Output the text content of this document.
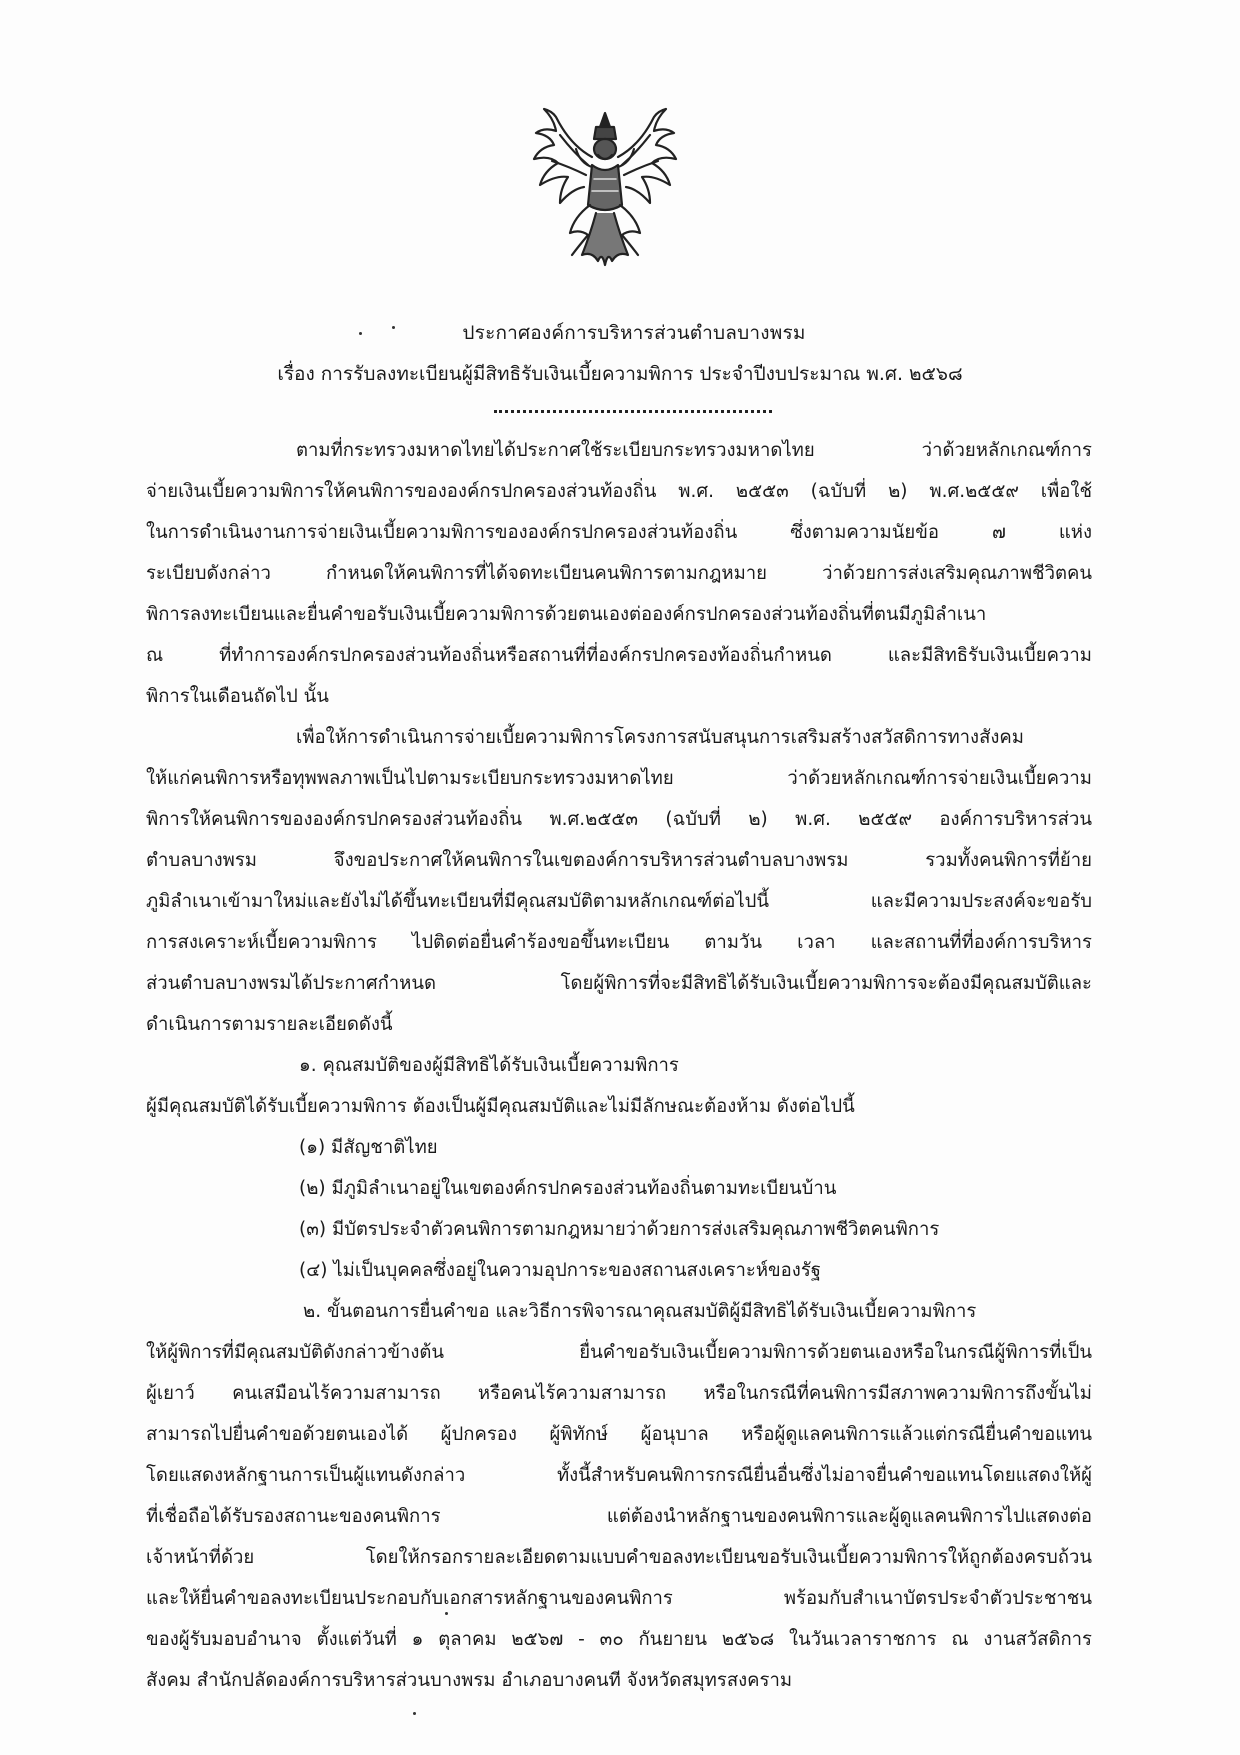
ประกาศองค์การบริหารส่วนตำบลบางพรม
เรื่อง การรับลงทะเบียนผู้มีสิทธิรับเงินเบี้ยความพิการ ประจำปีงบประมาณ พ.ศ. ๒๕๖๘

ตามที่กระทรวงมหาดไทยได้ประกาศใช้ระเบียบกระทรวงมหาดไทย ว่าด้วยหลักเกณฑ์การ

จ่ายเงินเบี้ยความพิการให้คนพิการขององค์กรปกครองส่วนท้องถิ่น พ.ศ. ๒๕๕๓ (ฉบับที่ ๒) พ.ศ.๒๕๕๙ เพื่อใช้

ในการดำเนินงานการจ่ายเงินเบี้ยความพิการขององค์กรปกครองส่วนท้องถิ่น ซึ่งตามความนัยข้อ ๗ แห่ง

ระเบียบดังกล่าว กำหนดให้คนพิการที่ได้จดทะเบียนคนพิการตามกฎหมาย ว่าด้วยการส่งเสริมคุณภาพชีวิตคน

พิการลงทะเบียนและยื่นคำขอรับเงินเบี้ยความพิการด้วยตนเองต่อองค์กรปกครองส่วนท้องถิ่นที่ตนมีภูมิลำเนา

ณ ที่ทำการองค์กรปกครองส่วนท้องถิ่นหรือสถานที่ที่องค์กรปกครองท้องถิ่นกำหนด และมีสิทธิรับเงินเบี้ยความ

พิการในเดือนถัดไป นั้น

เพื่อให้การดำเนินการจ่ายเบี้ยความพิการโครงการสนับสนุนการเสริมสร้างสวัสดิการทางสังคม

ให้แก่คนพิการหรือทุพพลภาพเป็นไปตามระเบียบกระทรวงมหาดไทย ว่าด้วยหลักเกณฑ์การจ่ายเงินเบี้ยความ

พิการให้คนพิการขององค์กรปกครองส่วนท้องถิ่น พ.ศ.๒๕๕๓ (ฉบับที่ ๒) พ.ศ. ๒๕๕๙ องค์การบริหารส่วน

ตำบลบางพรม จึงขอประกาศให้คนพิการในเขตองค์การบริหารส่วนตำบลบางพรม รวมทั้งคนพิการที่ย้าย

ภูมิลำเนาเข้ามาใหม่และยังไม่ได้ขึ้นทะเบียนที่มีคุณสมบัติตามหลักเกณฑ์ต่อไปนี้ และมีความประสงค์จะขอรับ

การสงเคราะห์เบี้ยความพิการ ไปติดต่อยื่นคำร้องขอขึ้นทะเบียน ตามวัน เวลา และสถานที่ที่องค์การบริหาร

ส่วนตำบลบางพรมได้ประกาศกำหนด โดยผู้พิการที่จะมีสิทธิได้รับเงินเบี้ยความพิการจะต้องมีคุณสมบัติและ

ดำเนินการตามรายละเอียดดังนี้

๑. คุณสมบัติของผู้มีสิทธิได้รับเงินเบี้ยความพิการ

ผู้มีคุณสมบัติได้รับเบี้ยความพิการ ต้องเป็นผู้มีคุณสมบัติและไม่มีลักษณะต้องห้าม ดังต่อไปนี้

(๑) มีสัญชาติไทย

(๒) มีภูมิลำเนาอยู่ในเขตองค์กรปกครองส่วนท้องถิ่นตามทะเบียนบ้าน

(๓) มีบัตรประจำตัวคนพิการตามกฎหมายว่าด้วยการส่งเสริมคุณภาพชีวิตคนพิการ

(๔) ไม่เป็นบุคคลซึ่งอยู่ในความอุปการะของสถานสงเคราะห์ของรัฐ

๒. ขั้นตอนการยื่นคำขอ และวิธีการพิจารณาคุณสมบัติผู้มีสิทธิได้รับเงินเบี้ยความพิการ

ให้ผู้พิการที่มีคุณสมบัติดังกล่าวข้างต้น ยื่นคำขอรับเงินเบี้ยความพิการด้วยตนเองหรือในกรณีผู้พิการที่เป็น

ผู้เยาว์ คนเสมือนไร้ความสามารถ หรือคนไร้ความสามารถ หรือในกรณีที่คนพิการมีสภาพความพิการถึงขั้นไม่

สามารถไปยื่นคำขอด้วยตนเองได้ ผู้ปกครอง ผู้พิทักษ์ ผู้อนุบาล หรือผู้ดูแลคนพิการแล้วแต่กรณียื่นคำขอแทน

โดยแสดงหลักฐานการเป็นผู้แทนดังกล่าว ทั้งนี้สำหรับคนพิการกรณียื่นอื่นซึ่งไม่อาจยื่นคำขอแทนโดยแสดงให้ผู้

ที่เชื่อถือได้รับรองสถานะของคนพิการ แต่ต้องนำหลักฐานของคนพิการและผู้ดูแลคนพิการไปแสดงต่อ

เจ้าหน้าที่ด้วย โดยให้กรอกรายละเอียดตามแบบคำขอลงทะเบียนขอรับเงินเบี้ยความพิการให้ถูกต้องครบถ้วน

และให้ยื่นคำขอลงทะเบียนประกอบกับเอกสารหลักฐานของคนพิการ พร้อมกับสำเนาบัตรประจำตัวประชาชน

ของผู้รับมอบอำนาจ ตั้งแต่วันที่ ๑ ตุลาคม ๒๕๖๗ - ๓๐ กันยายน ๒๕๖๘ ในวันเวลาราชการ ณ งานสวัสดิการ

สังคม สำนักปลัดองค์การบริหารส่วนบางพรม อำเภอบางคนที จังหวัดสมุทรสงคราม
